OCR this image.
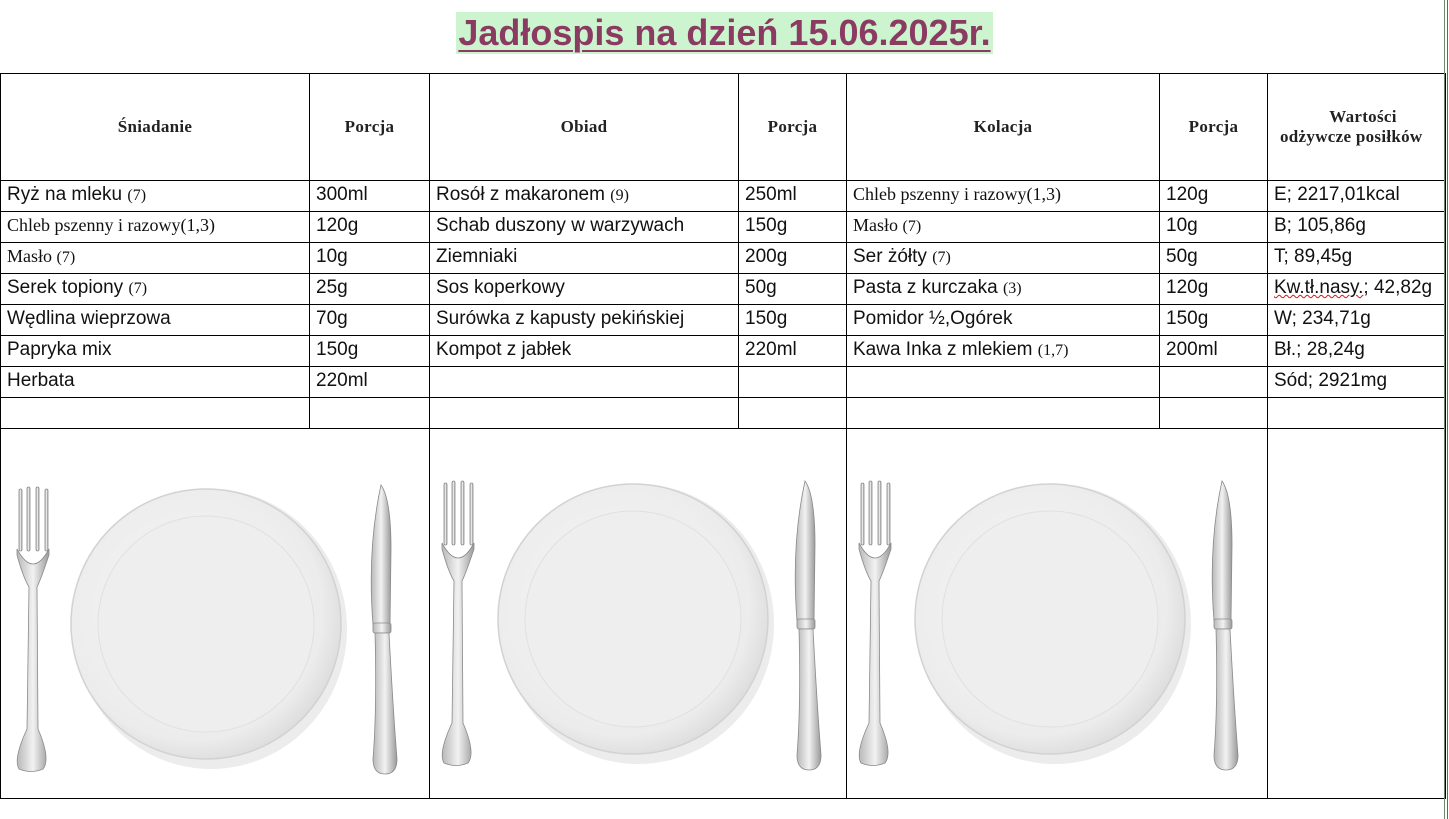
Jadłospis na dzień 15.06.2025r.
Śniadanie	Porcja	Obiad	Porcja	Kolacja	Porcja	Wartości
odżywcze posiłków

Ryż na mleku (7)	300ml	Rosół z makaronem (9)	250ml	Chleb pszenny i razowy(1,3)	120g	E; 2217,01kcal
Chleb pszenny i razowy(1,3)	120g	Schab duszony w warzywach	150g	Masło (7)	10g	B; 105,86g
Masło (7)	10g	Ziemniaki	200g	Ser żółty (7)	50g	T; 89,45g
Serek topiony (7)	25g	Sos koperkowy	50g	Pasta z kurczaka (3)	120g	Kw.tł.nasy.; 42,82g
Wędlina wieprzowa	70g	Surówka z kapusty pekińskiej	150g	Pomidor ½,Ogórek	150g	W; 234,71g
Papryka mix	150g	Kompot z jabłek	220ml	Kawa Inka z mlekiem (1,7)	200ml	Bł.; 28,24g
Herbata	220ml					Sód; 2921mg
